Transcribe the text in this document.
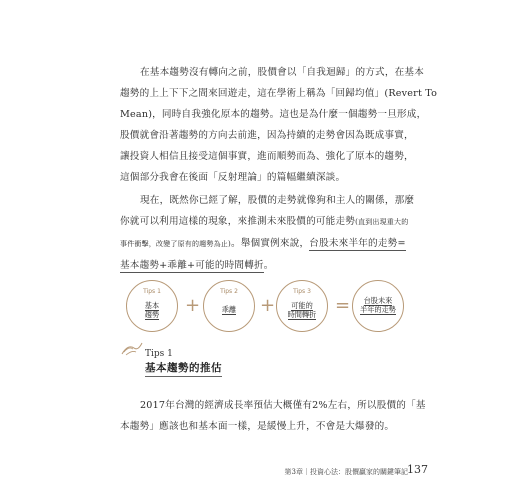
在基本趨勢沒有轉向之前，股價會以「自我迴歸」的方式，在基本
趨勢的上上下下之間來回遊走，這在學術上稱為「回歸均值」(Revert To
Mean)，同時自我強化原本的趨勢。這也是為什麼一個趨勢一旦形成，
股價就會沿著趨勢的方向去前進，因為持續的走勢會因為既成事實，
讓投資人相信且接受這個事實，進而順勢而為、強化了原本的趨勢，
這個部分我會在後面「反射理論」的篇幅繼續深談。
現在，既然你已經了解，股價的走勢就像狗和主人的關係，那麼
你就可以利用這樣的現象，來推測未來股價的可能走勢(直到出現重大的
事件衝擊，改變了原有的趨勢為止)。舉個實例來說，台股未來半年的走勢=
基本趨勢+乖離+可能的時間轉折。
Tips 1
基本
趨勢	+
Tips 2
乖離	+
Tips 3
可能的
時間轉折	=	台股未來
半年的走勢
Tips 1
基本趨勢的推估
2017年台灣的經濟成長率預估大概僅有2%左右，所以股價的「基
本趨勢」應該也和基本面一樣，是緩慢上升，不會是大爆發的。
第3章｜投資心法：股價贏家的關鍵筆記 137
